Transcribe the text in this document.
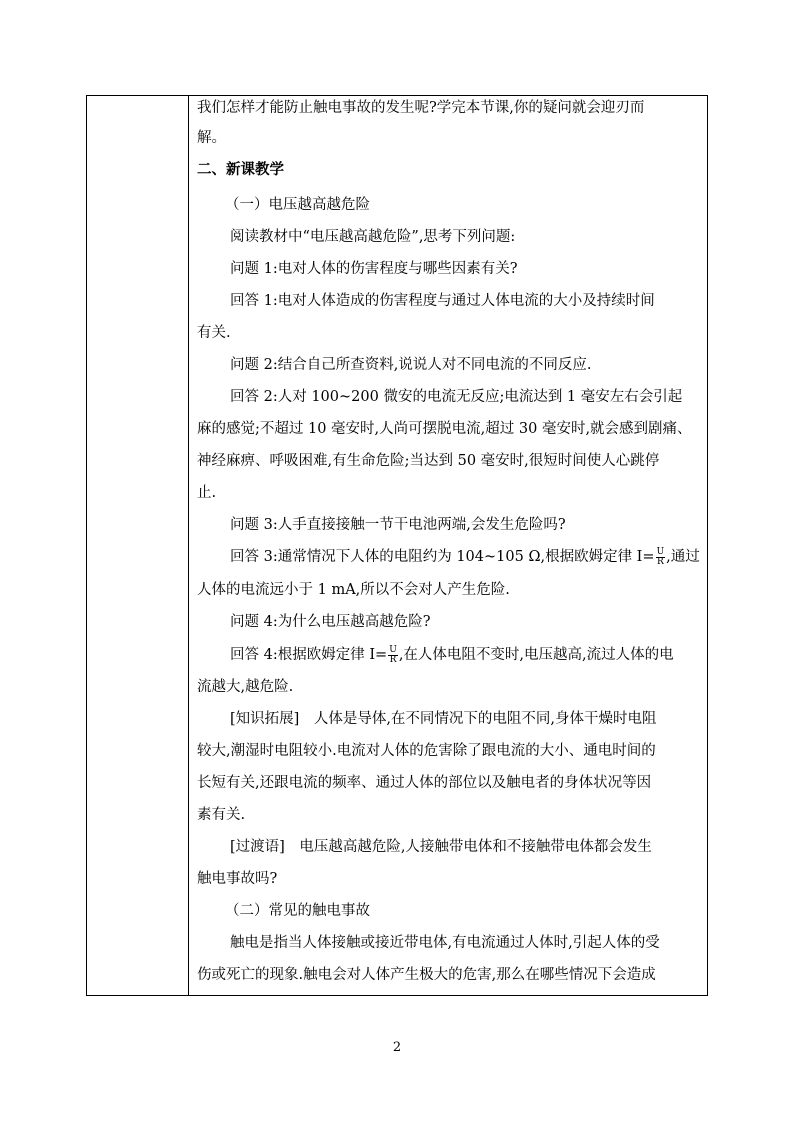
我们怎样才能防止触电事故的发生呢?学完本节课,你的疑问就会迎刃而
解。
二、新课教学
（一）电压越高越危险
阅读教材中“电压越高越危险”,思考下列问题:
问题 1:电对人体的伤害程度与哪些因素有关?
回答 1:电对人体造成的伤害程度与通过人体电流的大小及持续时间
有关.
问题 2:结合自己所查资料,说说人对不同电流的不同反应.
回答 2:人对 100~200 微安的电流无反应;电流达到 1 毫安左右会引起
麻的感觉;不超过 10 毫安时,人尚可摆脱电流,超过 30 毫安时,就会感到剧痛、
神经麻痹、呼吸困难,有生命危险;当达到 50 毫安时,很短时间使人心跳停
止.
问题 3:人手直接接触一节干电池两端,会发生危险吗?
回答 3:通常情况下人体的电阻约为 104~105 Ω,根据欧姆定律 $I= \frac{U}{R}$ ,通过
人体的电流远小于 1 mA,所以不会对人产生危险.
问题 4:为什么电压越高越危险?
回答 4:根据欧姆定律 $I= \frac{U}{R}$ ,在人体电阻不变时,电压越高,流过人体的电
流越大,越危险.
[知识拓展]　人体是导体,在不同情况下的电阻不同,身体干燥时电阻
较大,潮湿时电阻较小.电流对人体的危害除了跟电流的大小、通电时间的
长短有关,还跟电流的频率、通过人体的部位以及触电者的身体状况等因
素有关.
[过渡语]　电压越高越危险,人接触带电体和不接触带电体都会发生
触电事故吗?
（二）常见的触电事故
触电是指当人体接触或接近带电体,有电流通过人体时,引起人体的受
伤或死亡的现象.触电会对人体产生极大的危害,那么在哪些情况下会造成
2
